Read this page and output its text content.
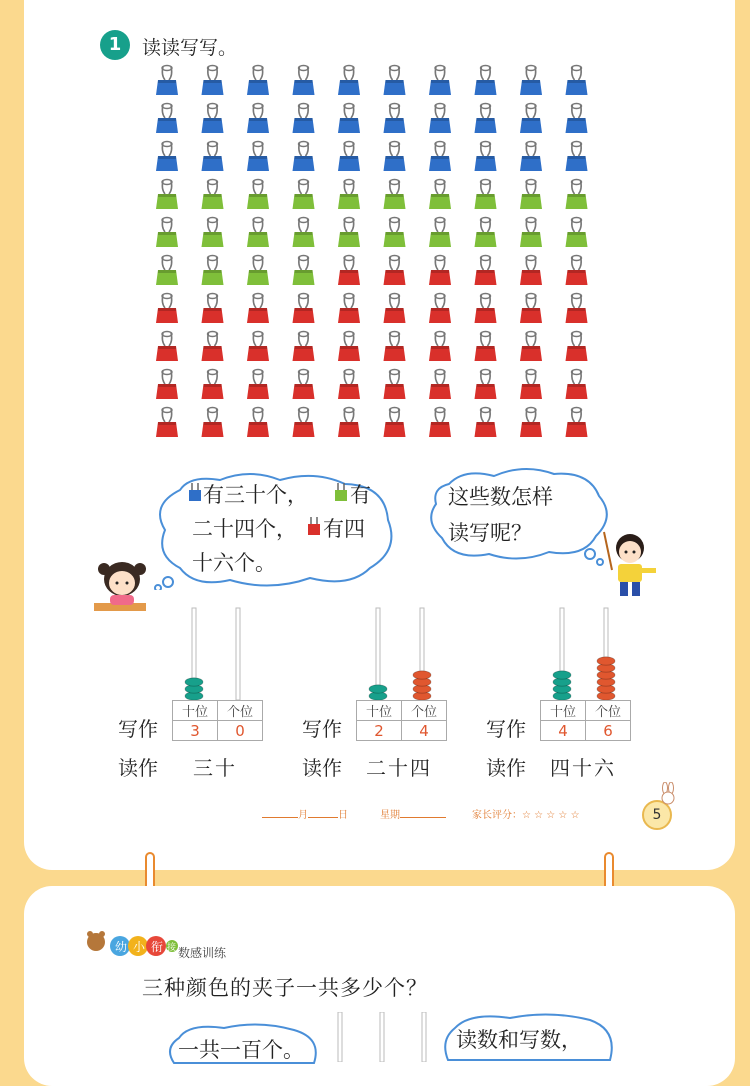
1	读读写写。
有三十个， 有
二十四个， 有四
十六个。
这些数怎样
读写呢？
写作
十位	个位
3	0
读作 三十
写作
十位	个位
2	4
读作 二十四
写作
十位	个位
4	6
读作 四十六
月	日	星期	家长评分：☆ ☆ ☆ ☆ ☆	5
幼 小 衔 接 数感训练
三种颜色的夹子一共多少个？
一共一百个。	读数和写数，
